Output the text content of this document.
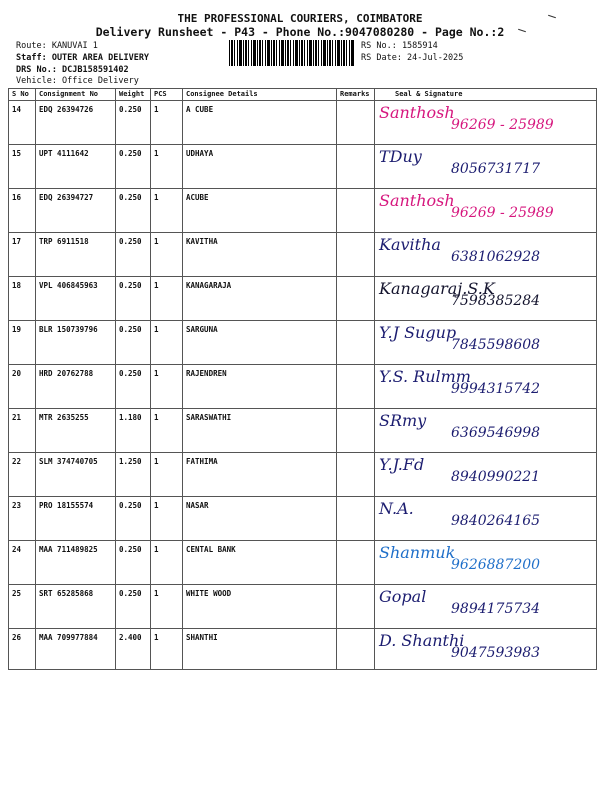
THE PROFESSIONAL COURIERS, COIMBATORE
Delivery Runsheet - P43 - Phone No.:9047080280 - Page No.:2
Route: KANUVAI 1
Staff: OUTER AREA DELIVERY
DRS No.: DCJB158591402
Vehicle: Office Delivery
RS No.: 1585914
RS Date: 24-Jul-2025
S No	Consignment No	Weight	PCS	Consignee Details	Remarks	Seal & Signature
14	EDQ 26394726	0.250	1	A CUBE		Santhosh
96269 - 25989

15	UPT 4111642	0.250	1	UDHAYA		TDuy
8056731717

16	EDQ 26394727	0.250	1	ACUBE		Santhosh
96269 - 25989

17	TRP 6911518	0.250	1	KAVITHA		Kavitha
6381062928

18	VPL 406845963	0.250	1	KANAGARAJA		Kanagaraj.S.K
7598385284

19	BLR 150739796	0.250	1	SARGUNA		Y.J Sugup
7845598608

20	HRD 20762788	0.250	1	RAJENDREN		Y.S. Rulmm
9994315742

21	MTR 2635255	1.180	1	SARASWATHI		SRmy
6369546998

22	SLM 374740705	1.250	1	FATHIMA		Y.J.Fd
8940990221

23	PRO 18155574	0.250	1	NASAR		N.A.
9840264165

24	MAA 711489825	0.250	1	CENTAL BANK		Shanmuk
9626887200

25	SRT 65285868	0.250	1	WHITE WOOD		Gopal
9894175734

26	MAA 709977884	2.400	1	SHANTHI		D. Shanthi
9047593983
